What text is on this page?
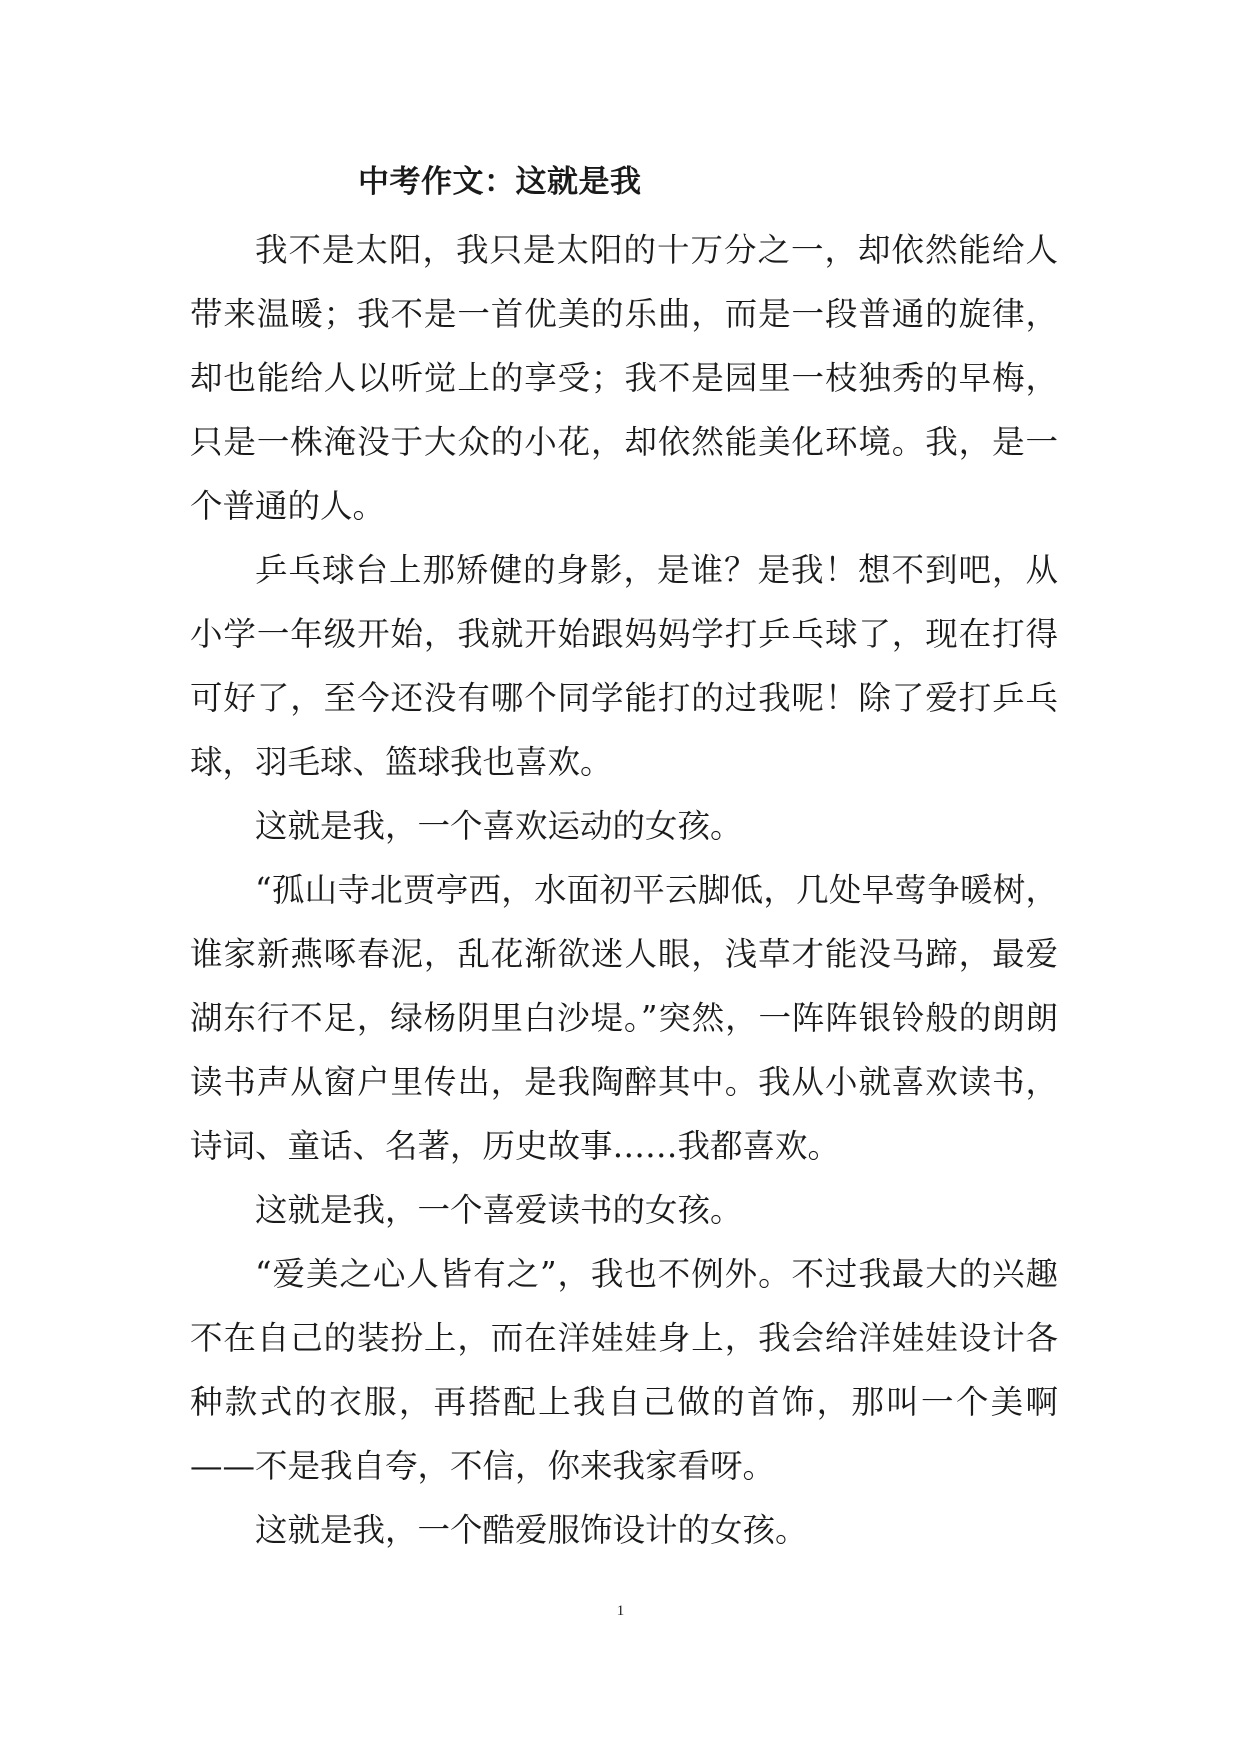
中考作文：这就是我

我不是太阳，我只是太阳的十万分之一，却依然能给人带来温暖；我不是一首优美的乐曲，而是一段普通的旋律，却也能给人以听觉上的享受；我不是园里一枝独秀的早梅，只是一株淹没于大众的小花，却依然能美化环境。我，是一个普通的人。

乒乓球台上那矫健的身影，是谁？是我！想不到吧，从小学一年级开始，我就开始跟妈妈学打乒乓球了，现在打得可好了，至今还没有哪个同学能打的过我呢！除了爱打乒乓球，羽毛球、篮球我也喜欢。

这就是我，一个喜欢运动的女孩。

“孤山寺北贾亭西，水面初平云脚低，几处早莺争暖树，谁家新燕啄春泥，乱花渐欲迷人眼，浅草才能没马蹄，最爱湖东行不足，绿杨阴里白沙堤。”突然，一阵阵银铃般的朗朗读书声从窗户里传出，是我陶醉其中。我从小就喜欢读书，诗词、童话、名著，历史故事……我都喜欢。

这就是我，一个喜爱读书的女孩。

“爱美之心人皆有之”，我也不例外。不过我最大的兴趣不在自己的装扮上，而在洋娃娃身上，我会给洋娃娃设计各种款式的衣服，再搭配上我自己做的首饰，那叫一个美啊——不是我自夸，不信，你来我家看呀。

这就是我，一个酷爱服饰设计的女孩。

1
